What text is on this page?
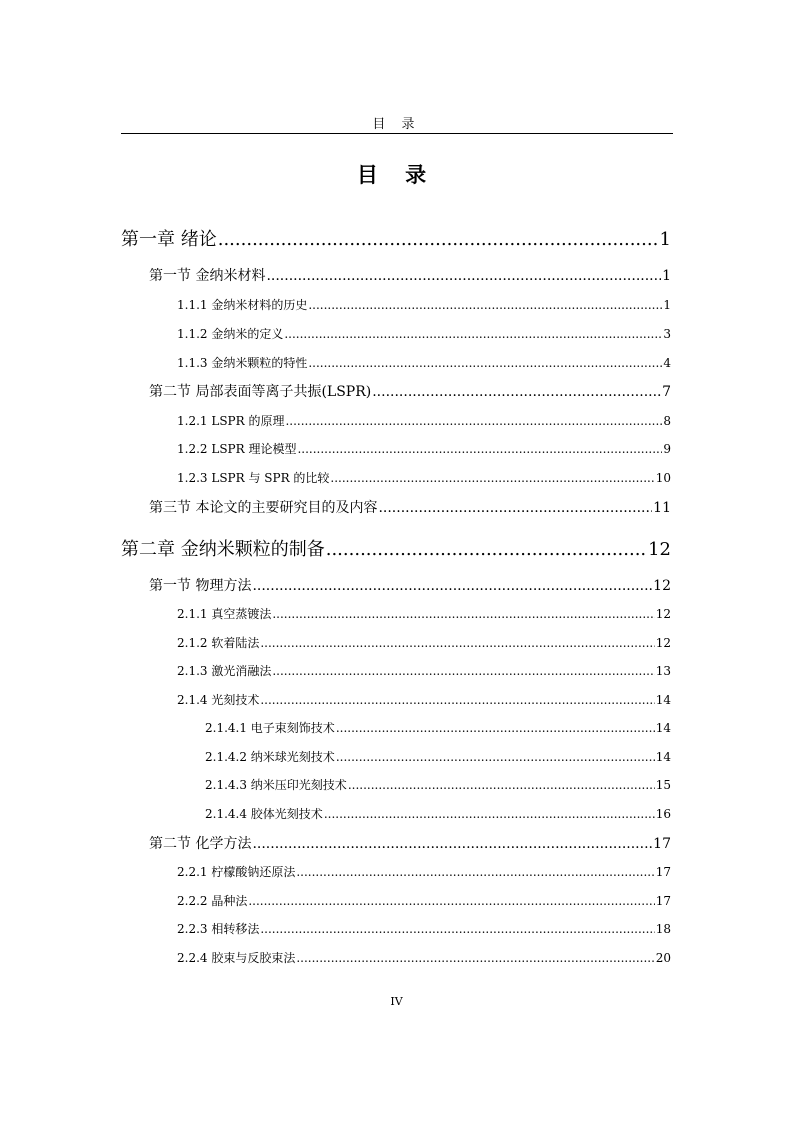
目 录
目 录
第一章 绪论 .....	1
第一节 金纳米材料 .....	1
1.1.1 金纳米材料的历史 .....	1
1.1.2 金纳米的定义 .....	3
1.1.3 金纳米颗粒的特性 .....	4
第二节 局部表面等离子共振(LSPR) .....	7
1.2.1 LSPR 的原理 .....	8
1.2.2 LSPR 理论模型 .....	9
1.2.3 LSPR 与 SPR 的比较 .....	10
第三节 本论文的主要研究目的及内容 .....	11
第二章 金纳米颗粒的制备 .....	12
第一节 物理方法 .....	12
2.1.1 真空蒸镀法 .....	12
2.1.2 软着陆法 .....	12
2.1.3 激光消融法 .....	13
2.1.4 光刻技术 .....	14
2.1.4.1 电子束刻饰技术 .....	14
2.1.4.2 纳米球光刻技术 .....	14
2.1.4.3 纳米压印光刻技术 .....	15
2.1.4.4 胶体光刻技术 .....	16
第二节 化学方法 .....	17
2.2.1 柠檬酸钠还原法 .....	17
2.2.2 晶种法 .....	17
2.2.3 相转移法 .....	18
2.2.4 胶束与反胶束法 .....	20
IV
